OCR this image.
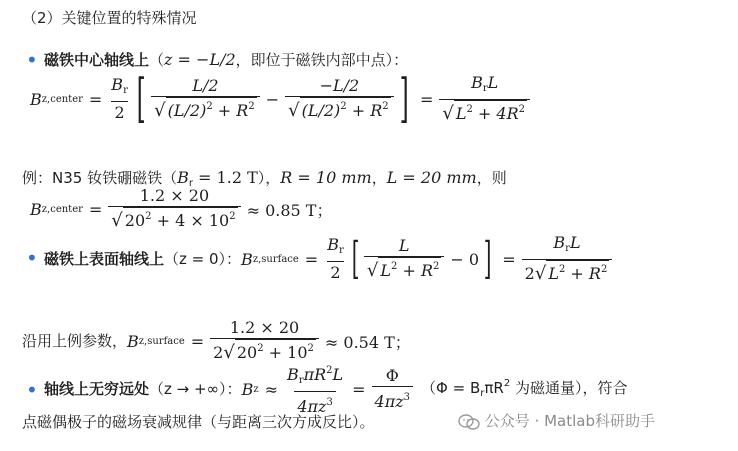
（2）关键位置的特殊情况
• 磁铁中心轴线上（z = −L/2，即位于磁铁内部中点）：
B z,center = $\frac{B_r}{2}$ [ $\frac{L/2}{√ (L/2)^2 + R^2} - \frac{-L/2}{√ (L/2)^2 + R^2}$ ] = $\frac{B_rL}{√ L^2 + 4R^2}$
例：N35 钕铁硼磁铁（$B_r = 1.2$ T），R = 10 mm，L = 20 mm，则
B z,center = $\frac{1.2 \times 20}{√ 20^2 + 4 \times 10^2} \approx 0.85$ T；
• 磁铁上表面轴线上 （z = 0）： B z,surface = $\frac{B_r}{2}$ [ $\frac{L}{√ L^2 + R^2} - 0$ ] = $\frac{B_rL}{2√ L^2 + R^2}$
沿用上例参数， B z,surface = $\frac{1.2 \times 20}{2√ 20^2 + 10^2} \approx 0.54$ T；
• 轴线上无穷远处 （z → +∞）： B $z \approx \frac{B_r\pi R^2L}{4\pi z^3} = \frac{\Phi}{4\pi z^3} (\Phi = B_r\pi R^2$ 为磁通量），符合
点磁偶极子的磁场衰减规律（与距离三次方成反比）。	公众号 · Matlab科研助手
